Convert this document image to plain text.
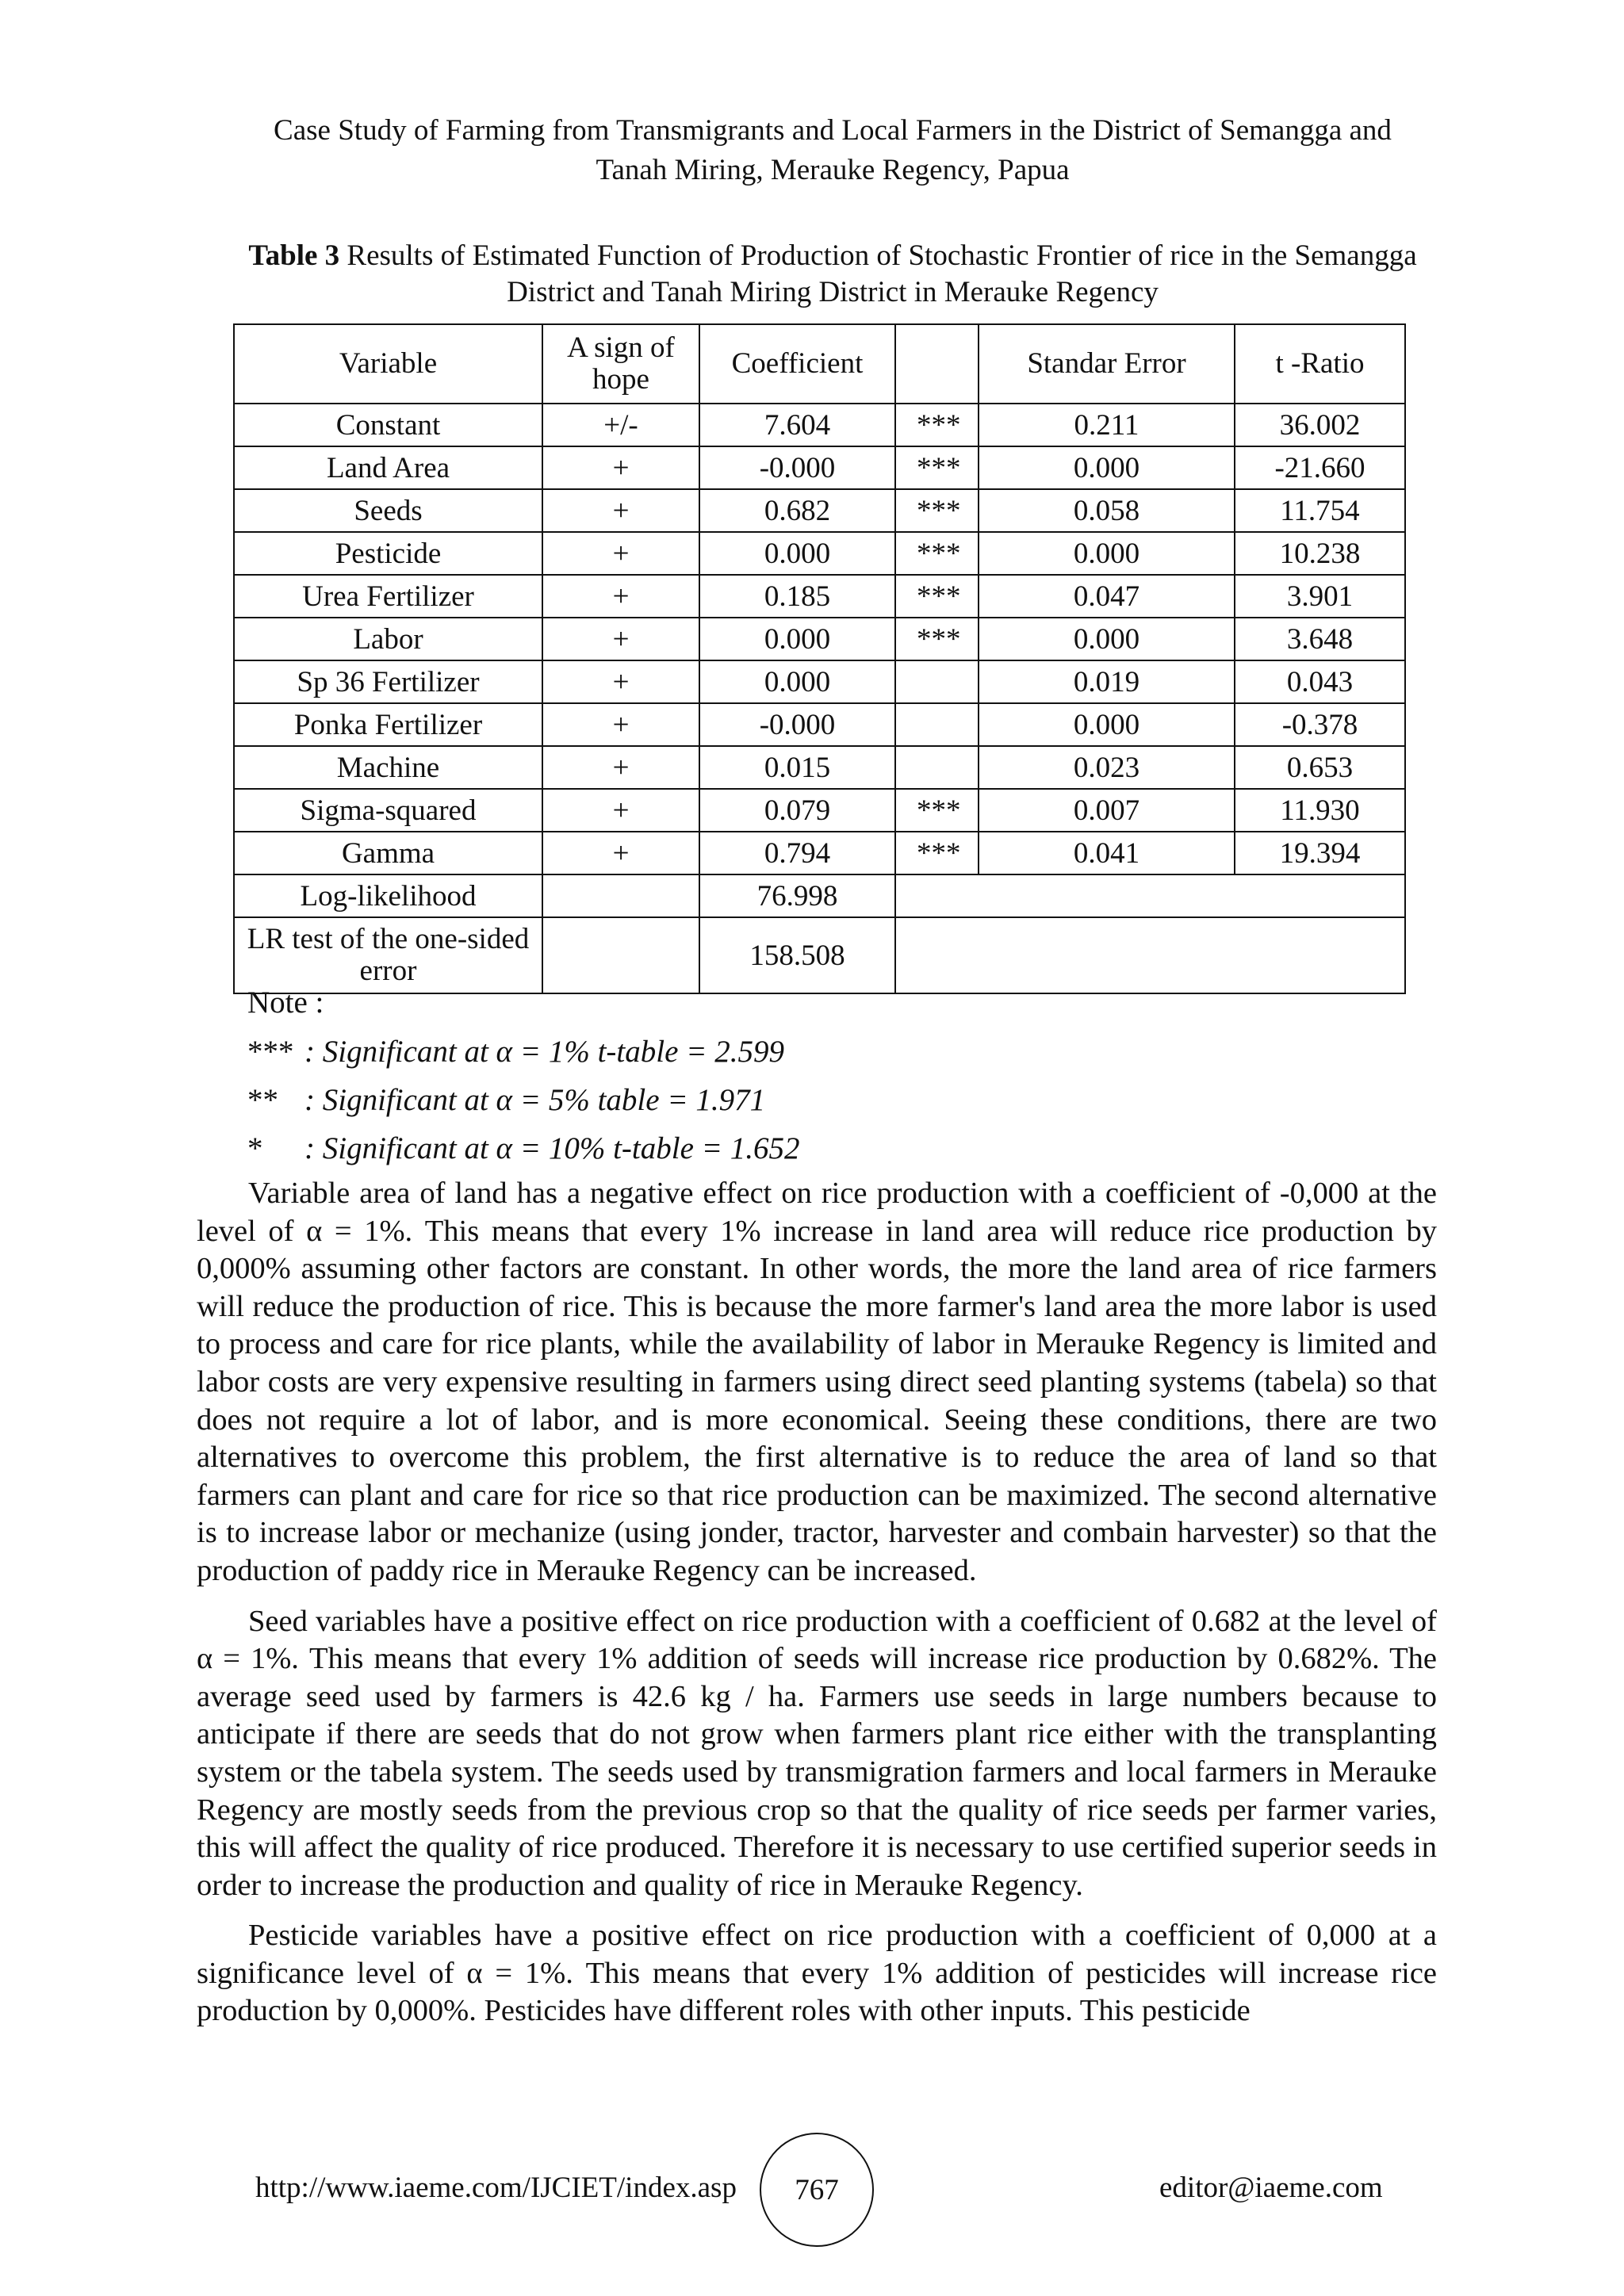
Case Study of Farming from Transmigrants and Local Farmers in the District of Semangga and
Tanah Miring, Merauke Regency, Papua
Table 3 Results of Estimated Function of Production of Stochastic Frontier of rice in the Semangga
District and Tanah Miring District in Merauke Regency
Variable	A sign of hope	Coefficient		Standar Error	t -Ratio
Constant	+/-	7.604	***	0.211	36.002
Land Area	+	-0.000	***	0.000	-21.660
Seeds	+	0.682	***	0.058	11.754
Pesticide	+	0.000	***	0.000	10.238
Urea Fertilizer	+	0.185	***	0.047	3.901
Labor	+	0.000	***	0.000	3.648
Sp 36 Fertilizer	+	0.000		0.019	0.043
Ponka Fertilizer	+	-0.000		0.000	-0.378
Machine	+	0.015		0.023	0.653
Sigma-squared	+	0.079	***	0.007	11.930
Gamma	+	0.794	***	0.041	19.394
Log-likelihood		76.998			
LR test of the one-sided error		158.508			
Note :
*** : Significant at α = 1% t-table = 2.599
** : Significant at α = 5% table = 1.971
* : Significant at α = 10% t-table = 1.652

Variable area of land has a negative effect on rice production with a coefficient of -0,000 at the level of α = 1%. This means that every 1% increase in land area will reduce rice production by 0,000% assuming other factors are constant. In other words, the more the land area of rice farmers will reduce the production of rice. This is because the more farmer's land area the more labor is used to process and care for rice plants, while the availability of labor in Merauke Regency is limited and labor costs are very expensive resulting in farmers using direct seed planting systems (tabela) so that does not require a lot of labor, and is more economical. Seeing these conditions, there are two alternatives to overcome this problem, the first alternative is to reduce the area of land so that farmers can plant and care for rice so that rice production can be maximized. The second alternative is to increase labor or mechanize (using jonder, tractor, harvester and combain harvester) so that the production of paddy rice in Merauke Regency can be increased.

Seed variables have a positive effect on rice production with a coefficient of 0.682 at the level of α = 1%. This means that every 1% addition of seeds will increase rice production by 0.682%. The average seed used by farmers is 42.6 kg / ha. Farmers use seeds in large numbers because to anticipate if there are seeds that do not grow when farmers plant rice either with the transplanting system or the tabela system. The seeds used by transmigration farmers and local farmers in Merauke Regency are mostly seeds from the previous crop so that the quality of rice seeds per farmer varies, this will affect the quality of rice produced. Therefore it is necessary to use certified superior seeds in order to increase the production and quality of rice in Merauke Regency.

Pesticide variables have a positive effect on rice production with a coefficient of 0,000 at a significance level of α = 1%. This means that every 1% addition of pesticides will increase rice production by 0,000%. Pesticides have different roles with other inputs. This pesticide

http://www.iaeme.com/IJCIET/index.asp	767	editor@iaeme.com
